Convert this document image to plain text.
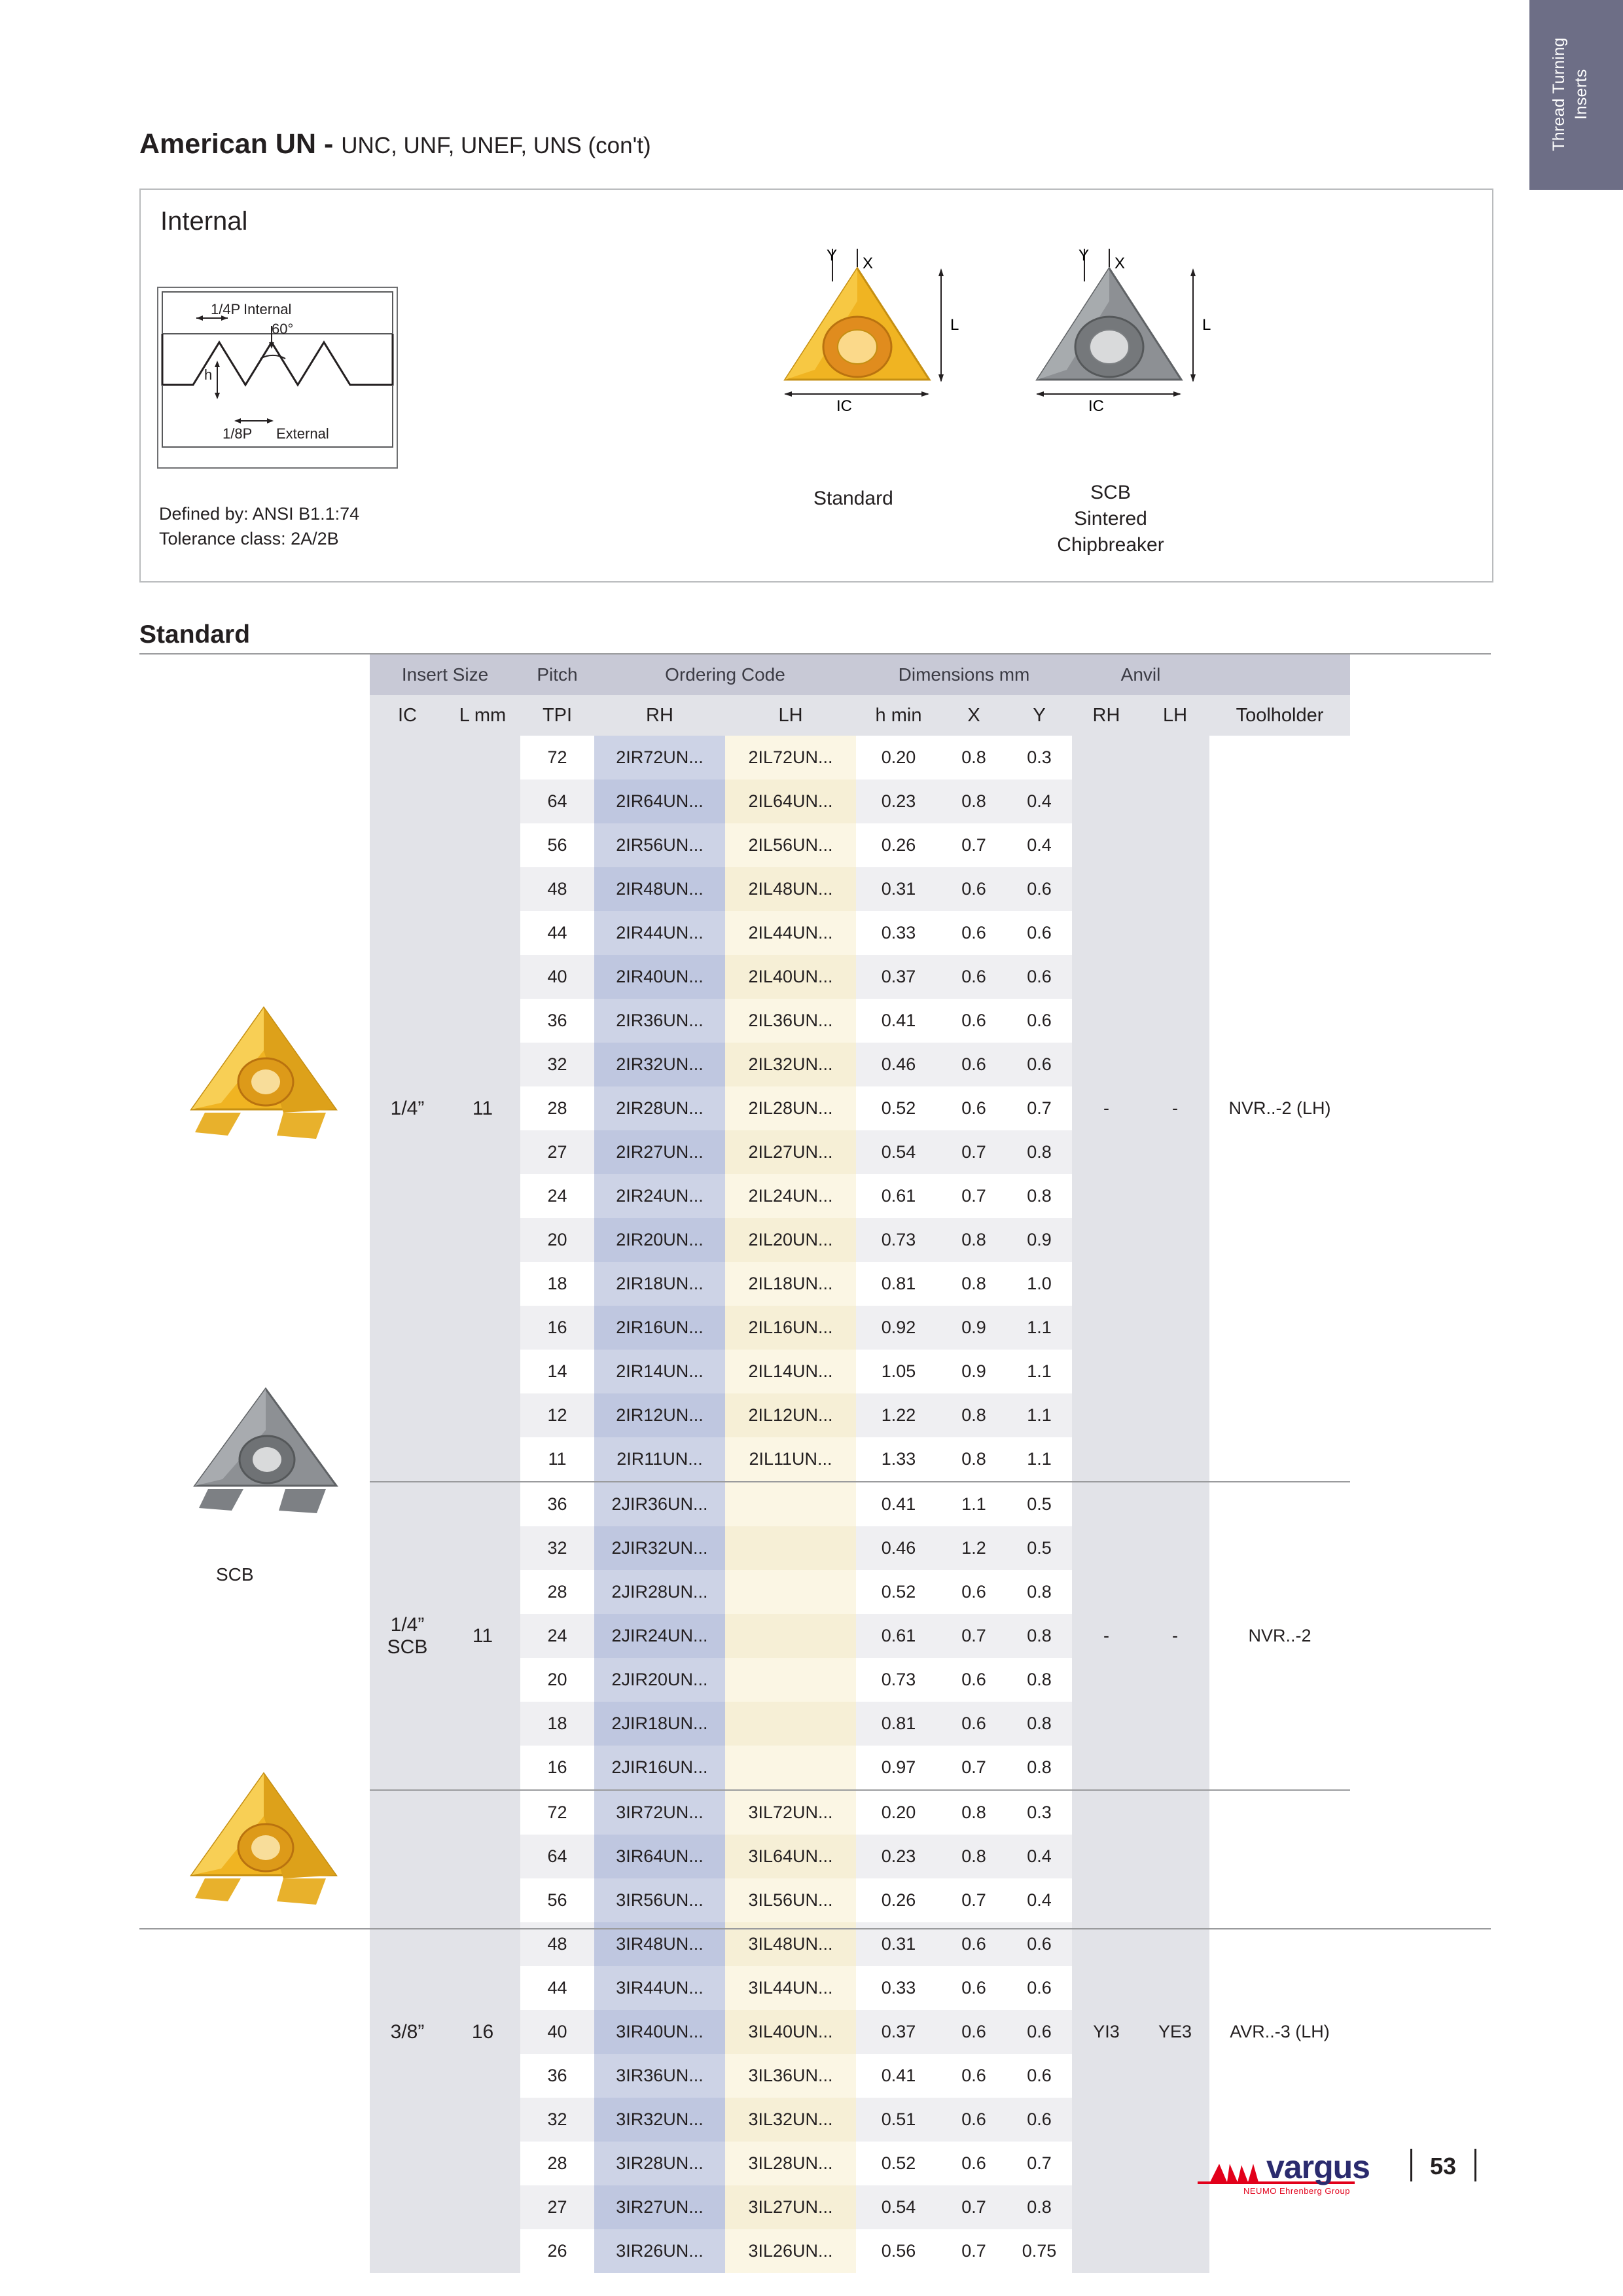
Thread Turning Inserts
American UN - UNC, UNF, UNEF, UNS (con't)
Internal
1/4P Internal
60°
h
1/8P External
Defined by: ANSI B1.1:74
Tolerance class: 2A/2B
Y X
L
IC
Standard
Y X
L
IC
SCB
Sintered
Chipbreaker
Standard
SCB
Insert Size		Pitch	Ordering Code		Dimensions mm			Anvil		
IC	L mm	TPI	RH	LH	h min	X	Y	RH	LH	Toolholder
1/4”	11	72	2IR72UN...	2IL72UN...	0.20	0.8	0.3	-	-	NVR..-2 (LH)
		64	2IR64UN...	2IL64UN...	0.23	0.8	0.4			
		56	2IR56UN...	2IL56UN...	0.26	0.7	0.4			
		48	2IR48UN...	2IL48UN...	0.31	0.6	0.6			
		44	2IR44UN...	2IL44UN...	0.33	0.6	0.6			
		40	2IR40UN...	2IL40UN...	0.37	0.6	0.6			
		36	2IR36UN...	2IL36UN...	0.41	0.6	0.6			
		32	2IR32UN...	2IL32UN...	0.46	0.6	0.6			
		28	2IR28UN...	2IL28UN...	0.52	0.6	0.7			
		27	2IR27UN...	2IL27UN...	0.54	0.7	0.8			
		24	2IR24UN...	2IL24UN...	0.61	0.7	0.8			
		20	2IR20UN...	2IL20UN...	0.73	0.8	0.9			
		18	2IR18UN...	2IL18UN...	0.81	0.8	1.0			
		16	2IR16UN...	2IL16UN...	0.92	0.9	1.1			
		14	2IR14UN...	2IL14UN...	1.05	0.9	1.1			
		12	2IR12UN...	2IL12UN...	1.22	0.8	1.1			
		11	2IR11UN...	2IL11UN...	1.33	0.8	1.1			
1/4”
SCB	11	36	2JIR36UN...		0.41	1.1	0.5	-	-	NVR..-2
		32	2JIR32UN...		0.46	1.2	0.5			
		28	2JIR28UN...		0.52	0.6	0.8			
		24	2JIR24UN...		0.61	0.7	0.8			
		20	2JIR20UN...		0.73	0.6	0.8			
		18	2JIR18UN...		0.81	0.6	0.8			
		16	2JIR16UN...		0.97	0.7	0.8			
3/8”	16	72	3IR72UN...	3IL72UN...	0.20	0.8	0.3	YI3	YE3	AVR..-3 (LH)
		64	3IR64UN...	3IL64UN...	0.23	0.8	0.4			
		56	3IR56UN...	3IL56UN...	0.26	0.7	0.4			
		48	3IR48UN...	3IL48UN...	0.31	0.6	0.6			
		44	3IR44UN...	3IL44UN...	0.33	0.6	0.6			
		40	3IR40UN...	3IL40UN...	0.37	0.6	0.6			
		36	3IR36UN...	3IL36UN...	0.41	0.6	0.6			
		32	3IR32UN...	3IL32UN...	0.51	0.6	0.6			
		28	3IR28UN...	3IL28UN...	0.52	0.6	0.7			
		27	3IR27UN...	3IL27UN...	0.54	0.7	0.8			
		26	3IR26UN...	3IL26UN...	0.56	0.7	0.75			
vargus
NEUMO Ehrenberg Group
53
